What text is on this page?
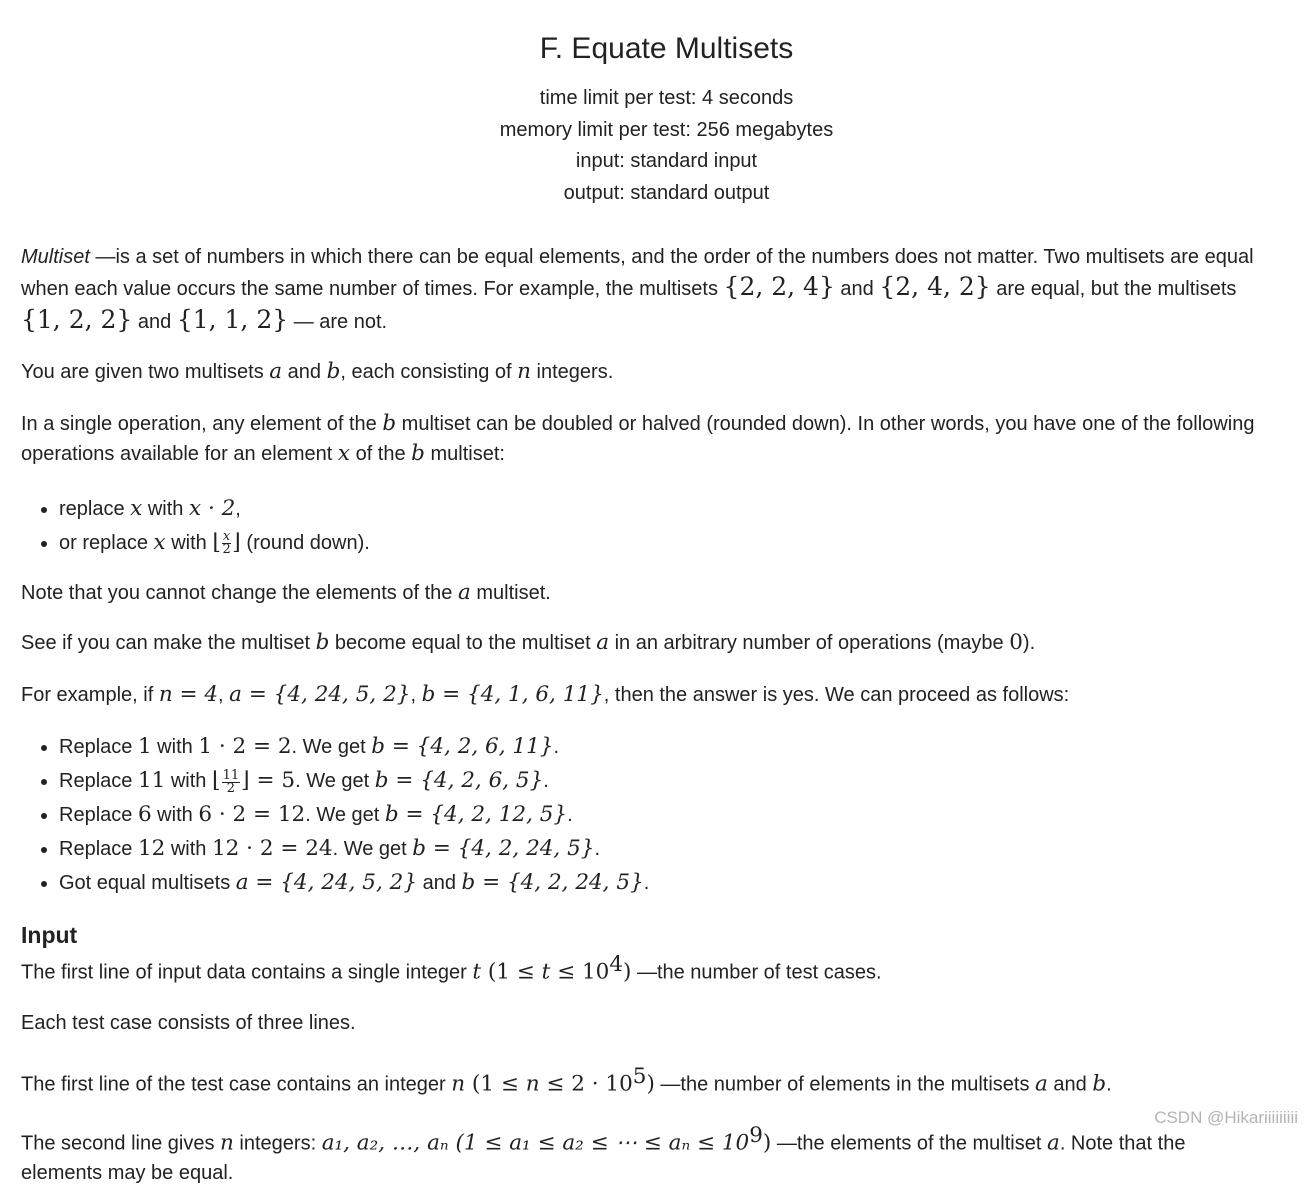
F. Equate Multisets
time limit per test: 4 seconds
memory limit per test: 256 megabytes
input: standard input
output: standard output

Multiset —is a set of numbers in which there can be equal elements, and the order of the numbers does not matter. Two multisets are equal

when each value occurs the same number of times. For example, the multisets {2, 2, 4} and {2, 4, 2} are equal, but the multisets

{1, 2, 2} and {1, 1, 2} — are not.

You are given two multisets a and b, each consisting of n integers.

In a single operation, any element of the b multiset can be doubled or halved (rounded down). In other words, you have one of the following

operations available for an element x of the b multiset:

• replace x with x · 2,
• or replace x with ⌊ $\frac{x}{2}$ ⌋ (round down).

Note that you cannot change the elements of the a multiset.

See if you can make the multiset b become equal to the multiset a in an arbitrary number of operations (maybe 0).

For example, if n = 4, a = {4, 24, 5, 2}, b = {4, 1, 6, 11}, then the answer is yes. We can proceed as follows:

• Replace 1 with 1 · 2 = 2. We get b = {4, 2, 6, 11}.
• Replace 11 with ⌊ $\frac{11}{2}$ ⌋ = 5. We get b = {4, 2, 6, 5}.
• Replace 6 with 6 · 2 = 12. We get b = {4, 2, 12, 5}.
• Replace 12 with 12 · 2 = 24. We get b = {4, 2, 24, 5}.
• Got equal multisets a = {4, 24, 5, 2} and b = {4, 2, 24, 5}.
Input

The first line of input data contains a single integer t $(1 \le t \le 10^4)$ —the number of test cases.

Each test case consists of three lines.

The first line of the test case contains an integer n $(1 \le n \le 2 \cdot 10^5)$ —the number of elements in the multisets a and b.

The second line gives n integers: a₁, a₂, …, aₙ (1 ≤ a₁ ≤ a₂ ≤ ⋯ ≤ $a_n \le 10^9$) —the elements of the multiset a. Note that the

elements may be equal.

CSDN @Hikariiiiiiiii
